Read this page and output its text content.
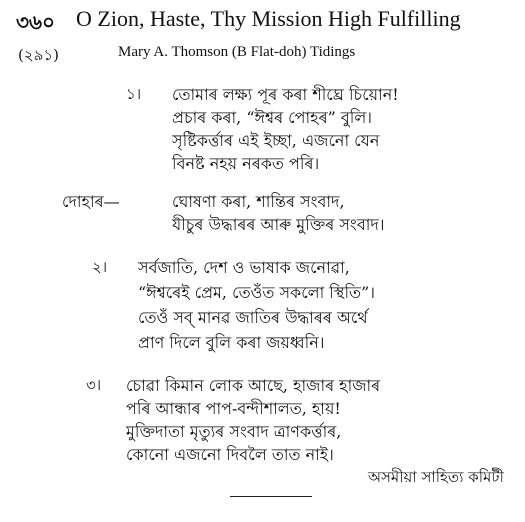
৩৬০ O Zion, Haste, Thy Mission High Fulfilling
(২৯১)	Mary A. Thomson (B Flat-doh) Tidings
১। তোমাৰ লক্ষ্য পূৰ কৰা শীঘ্ৰে চিয়োন!
প্ৰচাৰ কৰা, “ঈশ্বৰ পোহৰ” বুলি।
সৃষ্টিকৰ্ত্তাৰ এই ইচ্ছা, এজনো যেন
বিনষ্ট নহয় নৰকত পৰি।
দোহাৰ—	ঘোষণা কৰা, শান্তিৰ সংবাদ,
যীচুৰ উদ্ধাৰৰ আৰু মুক্তিৰ সংবাদ।
২। সৰ্বজাতি, দেশ ও ভাষাক জনোৱা,
“ঈশ্বৰেই প্ৰেম, তেওঁত সকলো স্থিতি”।
তেওঁ সব্ মানৱ জাতিৰ উদ্ধাৰৰ অৰ্থে
প্ৰাণ দিলে বুলি কৰা জয়ধ্বনি।
৩। চোৱা কিমান লোক আছে, হাজাৰ হাজাৰ
পৰি আন্ধাৰ পাপ-বন্দীশালত, হায়!
মুক্তিদাতা মৃত্যুৰ সংবাদ ত্ৰাণকৰ্ত্তাৰ,
কোনো এজনো দিবলৈ তাত নাই।
অসমীয়া সাহিত্য কমিটী
